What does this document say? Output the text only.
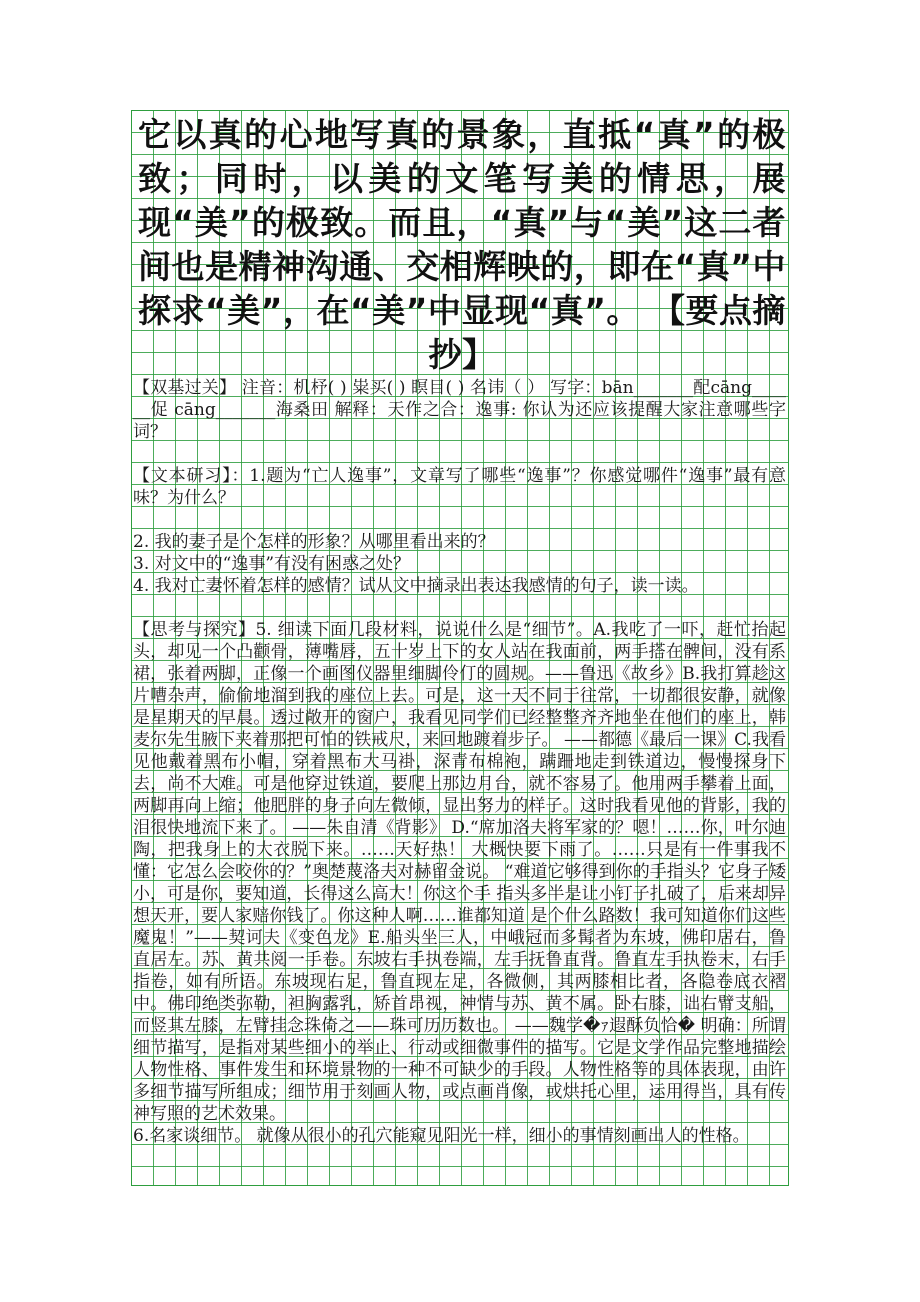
它以真的心地写真的景象，直抵“真”的极致；同时，以美的文笔写美的情思，展现“美”的极致。而且，“真”与“美”这二者间也是精神沟通、交相辉映的，即在“真”中探求“美”，在“美”中显现“真”。 【要点摘抄】

【双基过关】 注音：机杼( ) 粜买( ) 瞑目( ) 名讳（ ） 写字：bān_______配cāng______促 cāng_______海桑田 解释：天作之合：逸事: 你认为还应该提醒大家注意哪些字词？

【文本研习】：1.题为“亡人逸事”，文章写了哪些“逸事”？你感觉哪件“逸事”最有意味？为什么？

2. 我的妻子是个怎样的形象？从哪里看出来的？

3. 对文中的“逸事”有没有困惑之处？

4. 我对亡妻怀着怎样的感情？试从文中摘录出表达我感情的句子，读一读。

【思考与探究】5. 细读下面几段材料，说说什么是“细节”。A.我吃了一吓，赶忙抬起头，却见一个凸颧骨，薄嘴唇，五十岁上下的女人站在我面前，两手搭在髀间，没有系裙，张着两脚，正像一个画图仪器里细脚伶仃的圆规。——鲁迅《故乡》B.我打算趁这片嘈杂声，偷偷地溜到我的座位上去。可是，这一天不同于往常，一切都很安静，就像是星期天的早晨。透过敞开的窗户，我看见同学们已经整整齐齐地坐在他们的座上，韩麦尔先生腋下夹着那把可怕的铁戒尺，来回地踱着步子。 ——都德《最后一课》C.我看见他戴着黑布小帽，穿着黑布大马褂，深青布棉袍，蹒跚地走到铁道边，慢慢探身下去，尚不大难。可是他穿过铁道，要爬上那边月台，就不容易了。他用两手攀着上面，两脚再向上缩；他肥胖的身子向左微倾，显出努力的样子。这时我看见他的背影，我的泪很快地流下来了。 ——朱自清《背影》 D.“席加洛夫将军家的？嗯！……你，叶尔迪陶，把我身上的大衣脱下来。……天好热！ 大概快要下雨了。……只是有一件事我不懂：它怎么会咬你的？”奥楚蔑洛夫对赫留金说。 “难道它够得到你的手指头？它身子矮小，可是你，要知道，长得这么高大！你这个手 指头多半是让小钉子扎破了，后来却异想天开，要人家赔你钱了。你这种人啊……谁都知道 是个什么路数！我可知道你们这些魔鬼！”——契诃夫《变色龙》E.船头坐三人，中峨冠而多髯者为东坡，佛印居右，鲁直居左。苏、黄共阅一手卷。东坡右手执卷端，左手抚鲁直背。鲁直左手执卷末，右手指卷，如有所语。东坡现右足，鲁直现左足，各微侧，其两膝相比者，各隐卷底衣褶中。佛印绝类弥勒，袒胸露乳，矫首昂视，神情与苏、黄不属。卧右膝，诎右臂支船，而竖其左膝，左臂挂念珠倚之——珠可历历数也。 ——魏学�ｧ遐酥负恰� 明确：所谓细节描写，是指对某些细小的举止、行动或细微事件的描写。它是文学作品完整地描绘人物性格、事件发生和环境景物的一种不可缺少的手段。人物性格等的具体表现，由许多细节描写所组成；细节用于刻画人物，或点画肖像，或烘托心里，运用得当，具有传神写照的艺术效果。

6.名家谈细节。 就像从很小的孔穴能窥见阳光一样，细小的事情刻画出人的性格。
